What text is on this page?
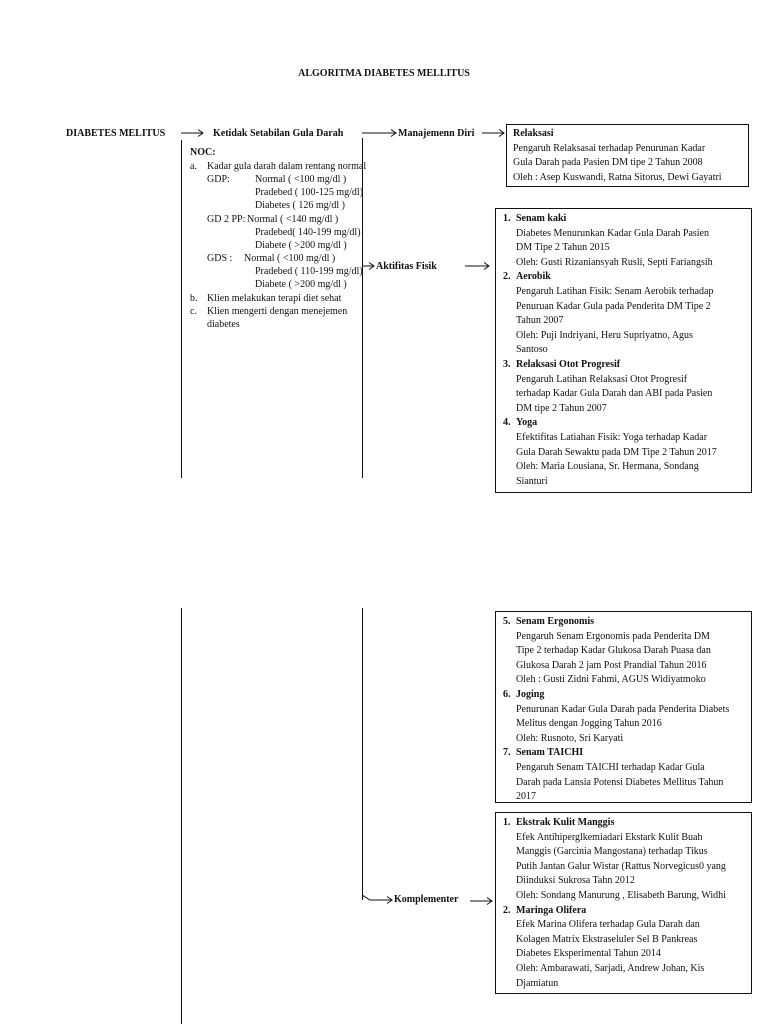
ALGORITMA DIABETES MELLITUS
DIABETES MELITUS	Ketidak Setabilan Gula Darah	Manajemenn Diri
NOC:
a. Kadar gula darah dalam rentang normal
GDP:	Normal ( <100 mg/dl )
Pradebed ( 100-125 mg/dl)
Diabetes ( 126 mg/dl )
GD 2 PP: Normal ( <140 mg/dl )
Pradebed( 140-199 mg/dl)
Diabete ( >200 mg/dl )
GDS : Normal ( <100 mg/dl )
Pradebed ( 110-199 mg/dl)
Diabete ( >200 mg/dl )
b. Klien melakukan terapi diet sehat
c. Klien mengerti dengan menejemen
diabetes
Aktifitas Fisik
Komplementer
Relaksasi
Pengaruh Relaksasai terhadap Penurunan Kadar
Gula Darah pada Pasien DM tipe 2 Tahun 2008
Oleh : Asep Kuswandi, Ratna Sitorus, Dewi Gayatri
1. Senam kaki
Diabetes Menurunkan Kadar Gula Darah Pasien
DM Tipe 2 Tahun 2015
Oleh: Gusti Rizaniansyah Rusli, Septi Fariangsih
2. Aerobik
Pengaruh Latihan Fisik: Senam Aerobik terhadap
Penuruan Kadar Gula pada Penderita DM Tipe 2
Tahun 2007
Oleh: Puji Indriyani, Heru Supriyatno, Agus
Santoso
3. Relaksasi Otot Progresif
Pengaruh Latihan Relaksasi Otot Progresif
terhadap Kadar Gula Darah dan ABI pada Pasien
DM tipe 2 Tahun 2007
4. Yoga
Efektifitas Latiahan Fisik: Yoga terhadap Kadar
Gula Darah Sewaktu pada DM Tipe 2 Tahun 2017
Oleh: Maria Lousiana, Sr. Hermana, Sondang
Sianturi
5. Senam Ergonomis
Pengaruh Senam Ergonomis pada Penderita DM
Tipe 2 terhadap Kadar Glukosa Darah Puasa dan
Glukosa Darah 2 jam Post Prandial Tahun 2016
Oleh : Gusti Zidni Fahmi, AGUS Widiyatmoko
6. Joging
Penurunan Kadar Gula Darah pada Penderita Diabets
Melitus dengan Jogging Tahun 2016
Oleh: Rusnoto, Sri Karyati
7. Senam TAICHI
Pengaruh Senam TAICHI terhadap Kadar Gula
Darah pada Lansia Potensi Diabetes Mellitus Tahun
2017
1. Ekstrak Kulit Manggis
Efek Antihiperglkemiadari Ekstark Kulit Buah
Manggis (Garcinia Mangostana) terhadap Tikus
Putih Jantan Galur Wistar (Rattus Norvegicus0 yang
Diinduksi Sukrosa Tahn 2012
Oleh: Sondang Manurung , Elisabeth Barung, Widhi
2. Maringa Olifera
Efek Marina Olifera terhadap Gula Darah dan
Kolagen Matrix Ekstraseluler Sel B Pankreas
Diabetes Eksperimental Tahun 2014
Oleh: Ambarawati, Sarjadi, Andrew Johan, Kis
Djamiatun
